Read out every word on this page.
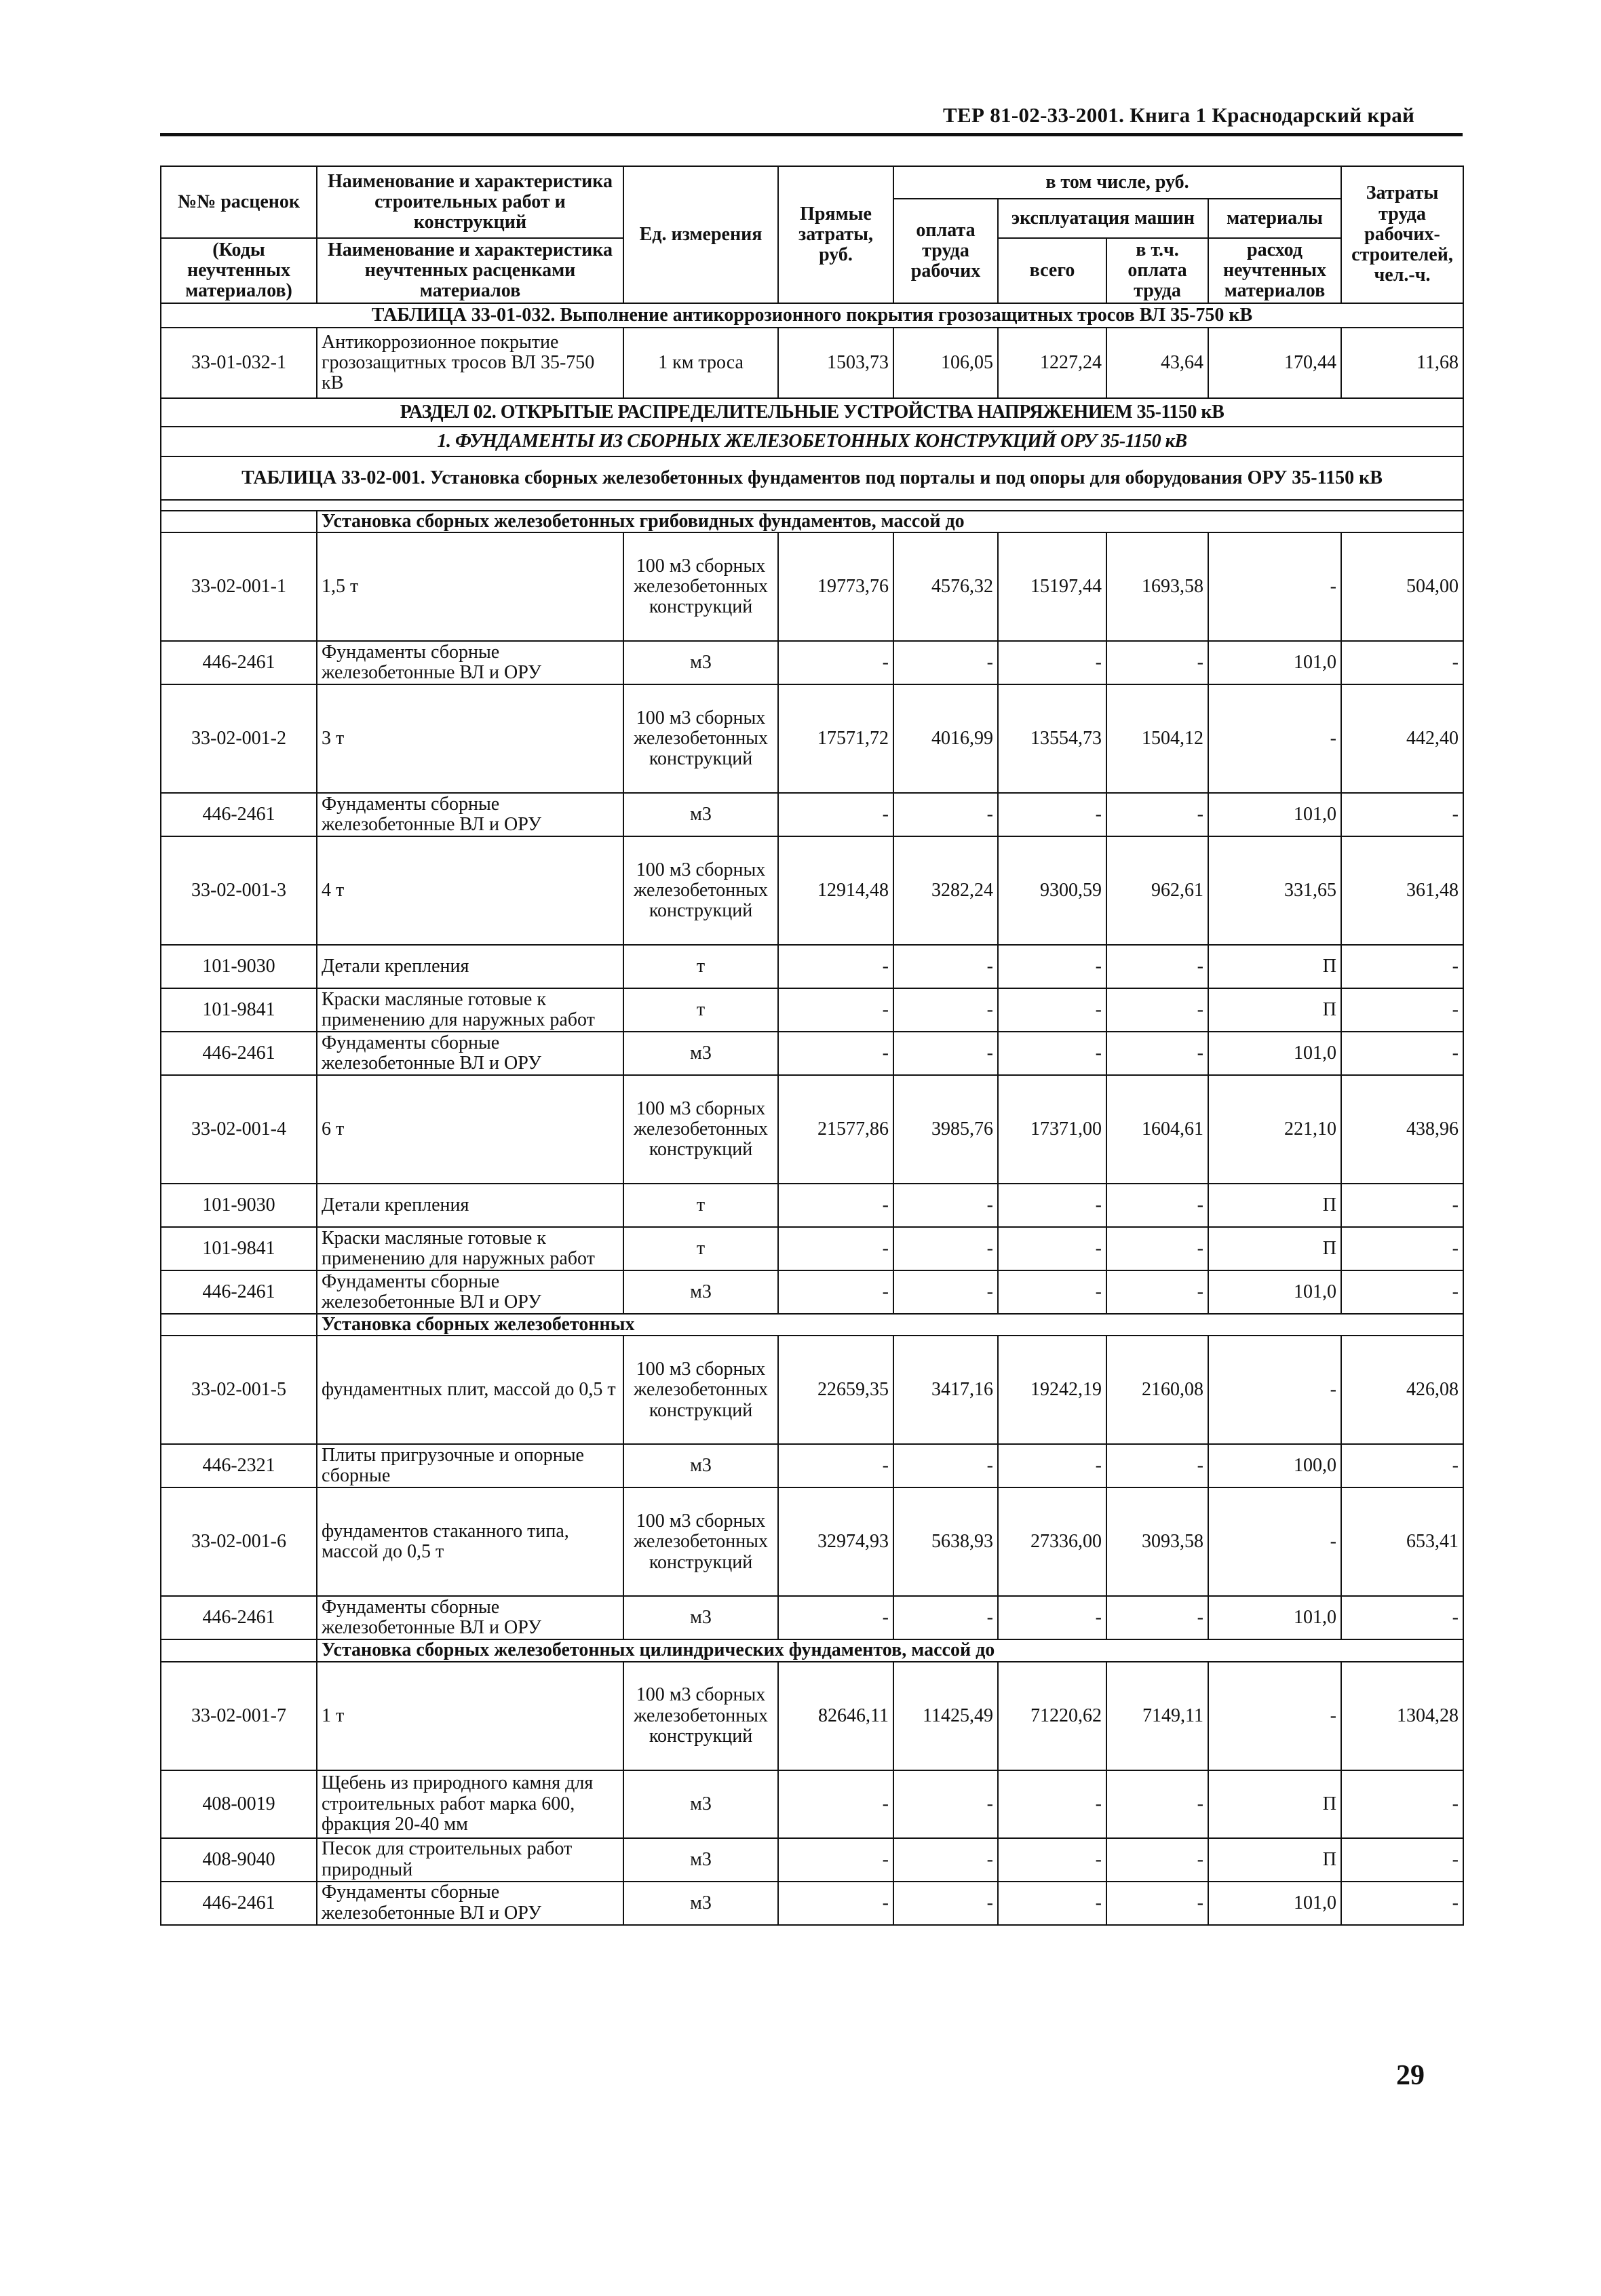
ТЕР 81-02-33-2001. Книга 1 Краснодарский край
№№ расценок	Наименование и характеристика строительных работ и конструкций	Ед. измерения	Прямые затраты, руб.	в том числе, руб.				Затраты труда рабочих-строителей, чел.-ч.
				оплата труда рабочих	эксплуатация машин		материалы	
(Коды неучтенных материалов)	Наименование и характеристика неучтенных расценками материалов				всего	в т.ч. оплата труда	расход неучтенных материалов	

ТАБЛИЦА 33-01-032. Выполнение антикоррозионного покрытия грозозащитных тросов ВЛ 35-750 кВ								
33-01-032-1	Антикоррозионное покрытие грозозащитных тросов ВЛ 35-750 кВ	1 км троса	1503,73	106,05	1227,24	43,64	170,44	11,68
РАЗДЕЛ 02. ОТКРЫТЫЕ РАСПРЕДЕЛИТЕЛЬНЫЕ УСТРОЙСТВА НАПРЯЖЕНИЕМ 35-1150 кВ								
1. ФУНДАМЕНТЫ ИЗ СБОРНЫХ ЖЕЛЕЗОБЕТОННЫХ КОНСТРУКЦИЙ ОРУ 35-1150 кВ								
ТАБЛИЦА 33-02-001. Установка сборных железобетонных фундаментов под порталы и под опоры для оборудования ОРУ 35-1150 кВ								

	Установка сборных железобетонных грибовидных фундаментов, массой до							
33-02-001-1	1,5 т	100 м3 сборных железобетонных конструкций	19773,76	4576,32	15197,44	1693,58	-	504,00
446-2461	Фундаменты сборные железобетонные ВЛ и ОРУ	м3	-	-	-	-	101,0	-
33-02-001-2	3 т	100 м3 сборных железобетонных конструкций	17571,72	4016,99	13554,73	1504,12	-	442,40
446-2461	Фундаменты сборные железобетонные ВЛ и ОРУ	м3	-	-	-	-	101,0	-
33-02-001-3	4 т	100 м3 сборных железобетонных конструкций	12914,48	3282,24	9300,59	962,61	331,65	361,48
101-9030	Детали крепления	т	-	-	-	-	П	-
101-9841	Краски масляные готовые к применению для наружных работ	т	-	-	-	-	П	-
446-2461	Фундаменты сборные железобетонные ВЛ и ОРУ	м3	-	-	-	-	101,0	-
33-02-001-4	6 т	100 м3 сборных железобетонных конструкций	21577,86	3985,76	17371,00	1604,61	221,10	438,96
101-9030	Детали крепления	т	-	-	-	-	П	-
101-9841	Краски масляные готовые к применению для наружных работ	т	-	-	-	-	П	-
446-2461	Фундаменты сборные железобетонные ВЛ и ОРУ	м3	-	-	-	-	101,0	-
	Установка сборных железобетонных							
33-02-001-5	фундаментных плит, массой до 0,5 т	100 м3 сборных железобетонных конструкций	22659,35	3417,16	19242,19	2160,08	-	426,08
446-2321	Плиты пригрузочные и опорные сборные	м3	-	-	-	-	100,0	-
33-02-001-6	фундаментов стаканного типа, массой до 0,5 т	100 м3 сборных железобетонных конструкций	32974,93	5638,93	27336,00	3093,58	-	653,41
446-2461	Фундаменты сборные железобетонные ВЛ и ОРУ	м3	-	-	-	-	101,0	-
	Установка сборных железобетонных цилиндрических фундаментов, массой до							
33-02-001-7	1 т	100 м3 сборных железобетонных конструкций	82646,11	11425,49	71220,62	7149,11	-	1304,28
408-0019	Щебень из природного камня для строительных работ марка 600, фракция 20-40 мм	м3	-	-	-	-	П	-
408-9040	Песок для строительных работ природный	м3	-	-	-	-	П	-
446-2461	Фундаменты сборные железобетонные ВЛ и ОРУ	м3	-	-	-	-	101,0	-
29
